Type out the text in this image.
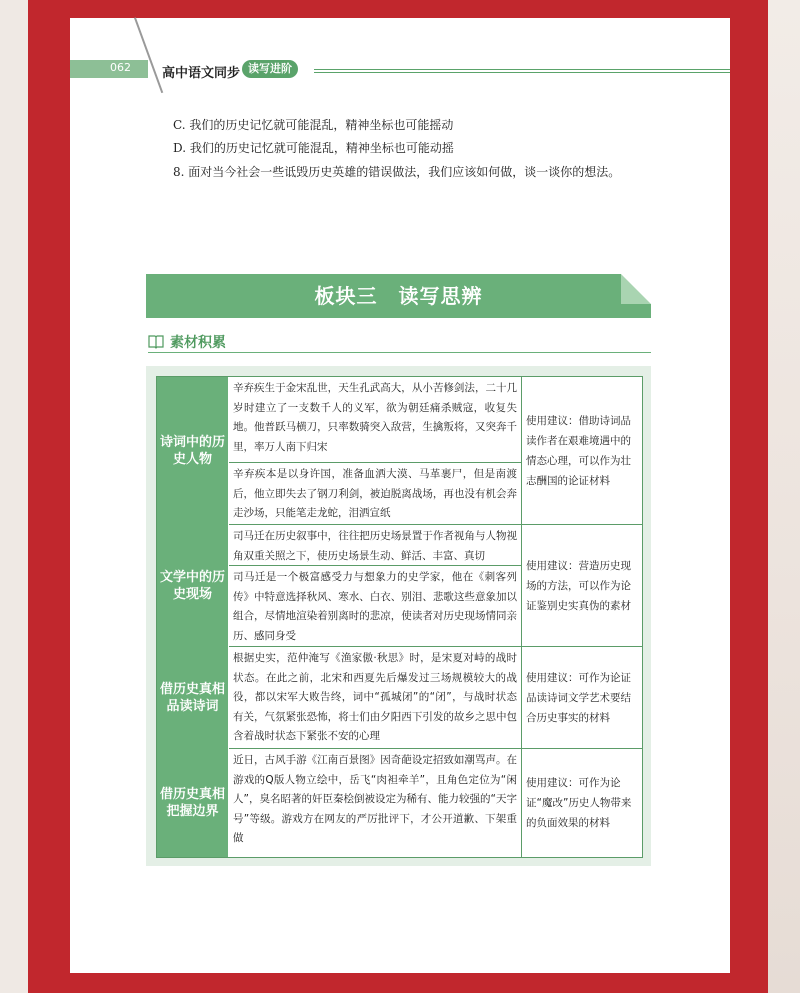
062 高中语文同步 读写进阶
C. 我们的历史记忆就可能混乱，精神坐标也可能摇动
D. 我们的历史记忆就可能混乱，精神坐标也可能动摇
8. 面对当今社会一些诋毁历史英雄的错误做法，我们应该如何做，谈一谈你的想法。
板块三　读写思辨
素材积累
诗词中的历史人物
辛弃疾生于金宋乱世，天生孔武高大，从小苦修剑法，二十几岁时建立了一支数千人的义军，欲为朝廷痛杀贼寇，收复失地。他普跃马横刀，只率数骑突入敌营，生擒叛将，又突奔千里，率万人南下归宋
辛弃疾本是以身许国，准备血洒大漠、马革裹尸，但是南渡后，他立即失去了钢刀利剑，被迫脱离战场，再也没有机会奔走沙场，只能笔走龙蛇，泪洒宣纸
使用建议：借助诗词品读作者在艰难境遇中的情态心理，可以作为壮志酬国的论证材料
文学中的历史现场
司马迁在历史叙事中，往往把历史场景置于作者视角与人物视角双重关照之下，使历史场景生动、鲜活、丰富、真切
司马迁是一个极富感受力与想象力的史学家，他在《刺客列传》中特意选择秋风、寒水、白衣、别泪、悲歌这些意象加以组合，尽情地渲染着别离时的悲凉，使读者对历史现场情同亲历、感同身受
使用建议：营造历史现场的方法，可以作为论证鉴别史实真伪的素材
借历史真相品读诗词
根据史实，范仲淹写《渔家傲·秋思》时，是宋夏对峙的战时状态。在此之前，北宋和西夏先后爆发过三场规模较大的战役，都以宋军大败告终，词中“孤城闭”的“闭”，与战时状态有关，气氛紧张恐怖，将士们由夕阳西下引发的故乡之思中包含着战时状态下紧张不安的心理
使用建议：可作为论证品读诗词文学艺术要结合历史事实的材料
借历史真相把握边界
近日，古风手游《江南百景图》因奇葩设定招致如潮骂声。在游戏的Q版人物立绘中，岳飞“肉袒牵羊”，且角色定位为“闲人”，臭名昭著的奸臣秦桧倒被设定为稀有、能力较强的“天字号”等级。游戏方在网友的严厉批评下，才公开道歉、下架重做
使用建议：可作为论证“魔改”历史人物带来的负面效果的材料
